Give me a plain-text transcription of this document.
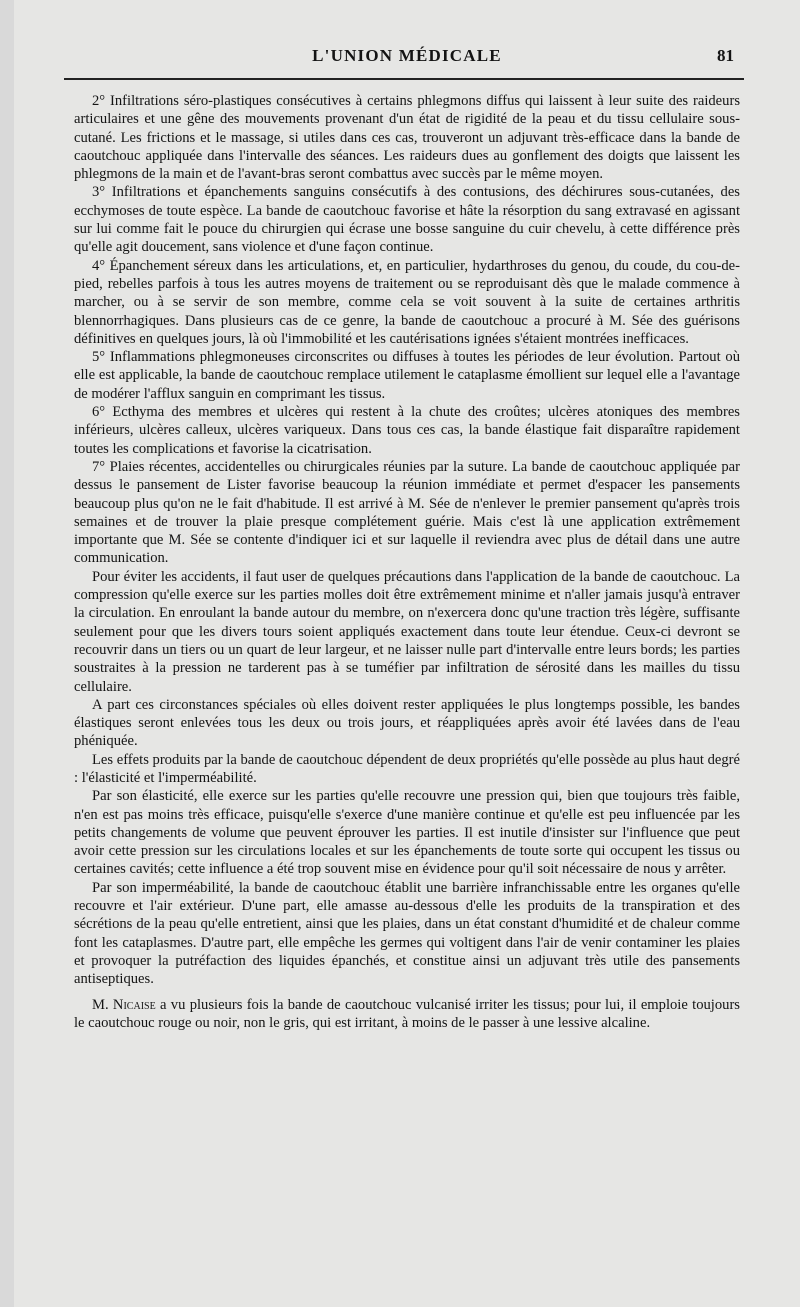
L'UNION MÉDICALE	81

2° Infiltrations séro-plastiques consécutives à certains phlegmons diffus qui laissent à leur suite des raideurs articulaires et une gêne des mouvements provenant d'un état de rigidité de la peau et du tissu cellulaire sous-cutané. Les frictions et le massage, si utiles dans ces cas, trouveront un adjuvant très-efficace dans la bande de caoutchouc appliquée dans l'intervalle des séances. Les raideurs dues au gonflement des doigts que laissent les phlegmons de la main et de l'avant-bras seront combattus avec succès par le même moyen.

3° Infiltrations et épanchements sanguins consécutifs à des contusions, des déchirures sous-cutanées, des ecchymoses de toute espèce. La bande de caoutchouc favorise et hâte la résorption du sang extravasé en agissant sur lui comme fait le pouce du chirurgien qui écrase une bosse sanguine du cuir chevelu, à cette différence près qu'elle agit doucement, sans violence et d'une façon continue.

4° Épanchement séreux dans les articulations, et, en particulier, hydarthroses du genou, du coude, du cou-de-pied, rebelles parfois à tous les autres moyens de traitement ou se reproduisant dès que le malade commence à marcher, ou à se servir de son membre, comme cela se voit souvent à la suite de certaines arthritis blennorrhagiques. Dans plusieurs cas de ce genre, la bande de caoutchouc a procuré à M. Sée des guérisons définitives en quelques jours, là où l'immobilité et les cautérisations ignées s'étaient montrées inefficaces.

5° Inflammations phlegmoneuses circonscrites ou diffuses à toutes les périodes de leur évolution. Partout où elle est applicable, la bande de caoutchouc remplace utilement le cataplasme émollient sur lequel elle a l'avantage de modérer l'afflux sanguin en comprimant les tissus.

6° Ecthyma des membres et ulcères qui restent à la chute des croûtes; ulcères atoniques des membres inférieurs, ulcères calleux, ulcères variqueux. Dans tous ces cas, la bande élastique fait disparaître rapidement toutes les complications et favorise la cicatrisation.

7° Plaies récentes, accidentelles ou chirurgicales réunies par la suture. La bande de caoutchouc appliquée par dessus le pansement de Lister favorise beaucoup la réunion immédiate et permet d'espacer les pansements beaucoup plus qu'on ne le fait d'habitude. Il est arrivé à M. Sée de n'enlever le premier pansement qu'après trois semaines et de trouver la plaie presque complétement guérie. Mais c'est là une application extrêmement importante que M. Sée se contente d'indiquer ici et sur laquelle il reviendra avec plus de détail dans une autre communication.

Pour éviter les accidents, il faut user de quelques précautions dans l'application de la bande de caoutchouc. La compression qu'elle exerce sur les parties molles doit être extrêmement minime et n'aller jamais jusqu'à entraver la circulation. En enroulant la bande autour du membre, on n'exercera donc qu'une traction très légère, suffisante seulement pour que les divers tours soient appliqués exactement dans toute leur étendue. Ceux-ci devront se recouvrir dans un tiers ou un quart de leur largeur, et ne laisser nulle part d'intervalle entre leurs bords; les parties soustraites à la pression ne tarderent pas à se tuméfier par infiltration de sérosité dans les mailles du tissu cellulaire.

A part ces circonstances spéciales où elles doivent rester appliquées le plus longtemps possible, les bandes élastiques seront enlevées tous les deux ou trois jours, et réappliquées après avoir été lavées dans de l'eau phéniquée.

Les effets produits par la bande de caoutchouc dépendent de deux propriétés qu'elle possède au plus haut degré : l'élasticité et l'imperméabilité.

Par son élasticité, elle exerce sur les parties qu'elle recouvre une pression qui, bien que toujours très faible, n'en est pas moins très efficace, puisqu'elle s'exerce d'une manière continue et qu'elle est peu influencée par les petits changements de volume que peuvent éprouver les parties. Il est inutile d'insister sur l'influence que peut avoir cette pression sur les circulations locales et sur les épanchements de toute sorte qui occupent les tissus ou certaines cavités; cette influence a été trop souvent mise en évidence pour qu'il soit nécessaire de nous y arrêter.

Par son imperméabilité, la bande de caoutchouc établit une barrière infranchissable entre les organes qu'elle recouvre et l'air extérieur. D'une part, elle amasse au-dessous d'elle les produits de la transpiration et des sécrétions de la peau qu'elle entretient, ainsi que les plaies, dans un état constant d'humidité et de chaleur comme font les cataplasmes. D'autre part, elle empêche les germes qui voltigent dans l'air de venir contaminer les plaies et provoquer la putréfaction des liquides épanchés, et constitue ainsi un adjuvant très utile des pansements antiseptiques.

M. Nicaise a vu plusieurs fois la bande de caoutchouc vulcanisé irriter les tissus; pour lui, il emploie toujours le caoutchouc rouge ou noir, non le gris, qui est irritant, à moins de le passer à une lessive alcaline.
